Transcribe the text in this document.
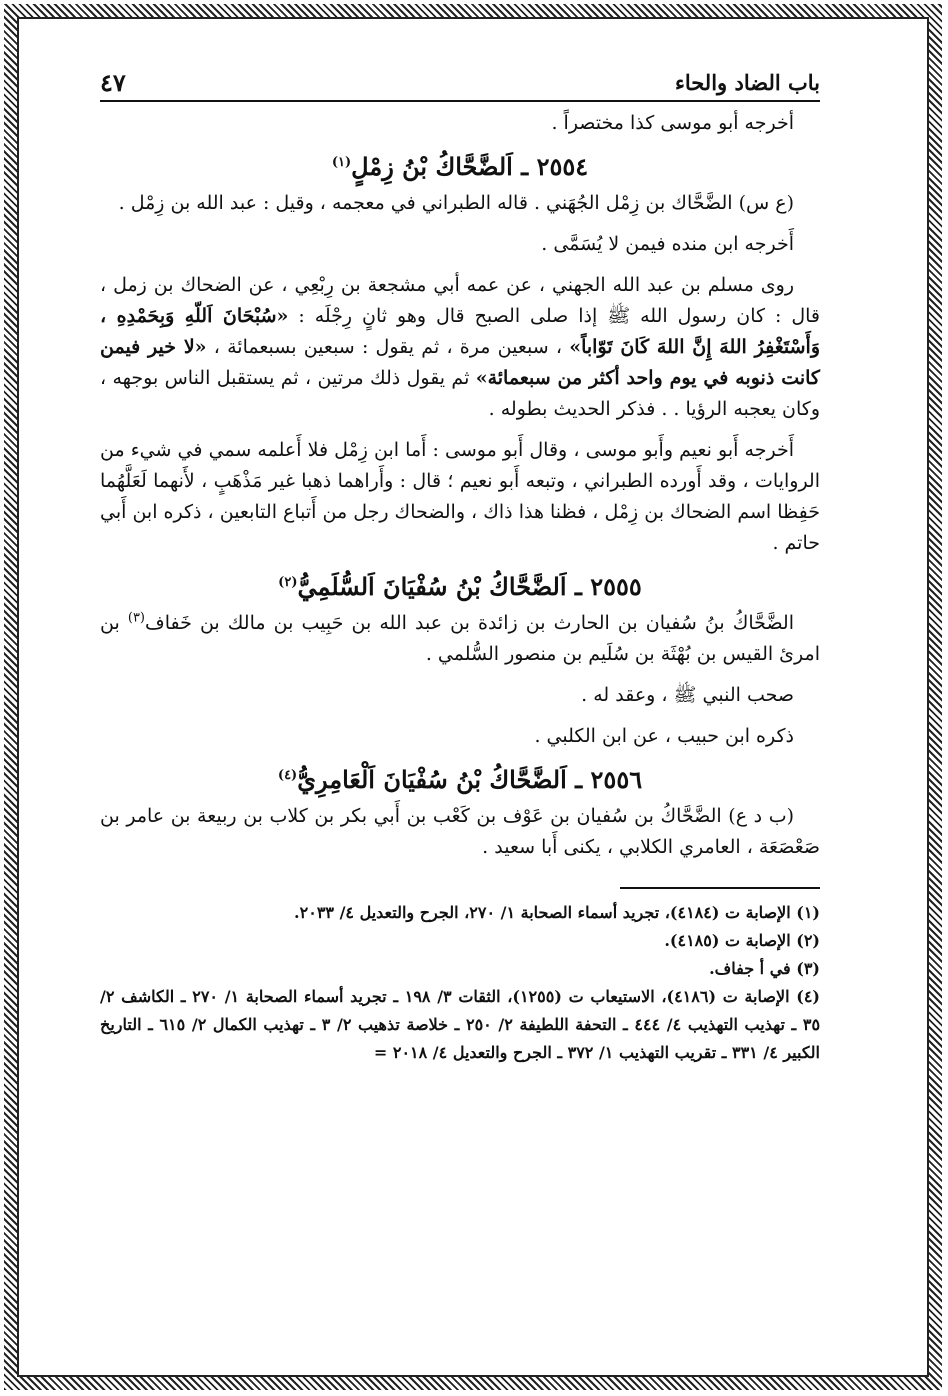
باب الضاد والحاء
٤٧

أخرجه أبو موسى كذا مختصراً .

٢٥٥٤ ـ اَلضَّحَّاكُ بْنُ زِمْلٍ$^{(١)}$

(ع س) الضَّحَّاك بن زِمْل الجُهَني . قاله الطبراني في معجمه ، وقيل : عبد الله بن زِمْل .

أَخرجه ابن منده فيمن لا يُسَمَّى .

روى مسلم بن عبد الله الجهني ، عن عمه أبي مشجعة بن رِبْعِي ، عن الضحاك بن زمل ، قال : كان رسول الله ﷺ إذا صلى الصبح قال وهو ثانٍ رِجْلَه : «سُبْحَانَ اَللّهِ وَبِحَمْدِهِ ، وَأَسْتَغْفِرُ اللهَ إِنَّ اللهَ كَانَ تَوّاباً» ، سبعين مرة ، ثم يقول : سبعين بسبعمائة ، «لا خير فيمن كانت ذنوبه في يوم واحد أكثر من سبعمائة» ثم يقول ذلك مرتين ، ثم يستقبل الناس بوجهه ، وكان يعجبه الرؤيا . . فذكر الحديث بطوله .

أَخرجه أَبو نعيم وأَبو موسى ، وقال أَبو موسى : أَما ابن زِمْل فلا أَعلمه سمي في شيء من الروايات ، وقد أَورده الطبراني ، وتبعه أَبو نعيم ؛ قال : وأَراهما ذهبا غير مَذْهَبٍ ، لأَنهما لَعَلَّهُما حَفِظا اسم الضحاك بن زِمْل ، فظنا هذا ذاك ، والضحاك رجل من أَتباع التابعين ، ذكره ابن أَبي حاتم .

٢٥٥٥ ـ اَلضَّحَّاكُ بْنُ سُفْيَانَ اَلسُّلَمِيُّ$^{(٢)}$

الضَّحَّاكُ بنُ سُفيان بن الحارث بن زائدة بن عبد الله بن حَبِيب بن مالك بن خَفاف$^{(٣)}$ بن امرئ القيس بن بُهْثَة بن سُلَيم بن منصور السُّلمي .

صحب النبي ﷺ ، وعقد له .

ذكره ابن حبيب ، عن ابن الكلبي .

٢٥٥٦ ـ اَلضَّحَّاكُ بْنُ سُفْيَانَ اَلْعَامِرِيُّ$^{(٤)}$

(ب د ع) الضَّحَّاكُ بن سُفيان بن عَوْف بن كَعْب بن أَبي بكر بن كلاب بن ربيعة بن عامر بن صَعْصَعَة ، العامري الكلابي ، يكنى أَبا سعيد .

(١) الإصابة ت (٤١٨٤)، تجريد أسماء الصحابة ١/ ٢٧٠، الجرح والتعديل ٤/ ٢٠٣٣.

(٢) الإصابة ت (٤١٨٥).

(٣) في أ جفاف.

(٤) الإصابة ت (٤١٨٦)، الاستيعاب ت (١٢٥٥)، الثقات ٣/ ١٩٨ ـ تجريد أسماء الصحابة ١/ ٢٧٠ ـ الكاشف ٢/ ٣٥ ـ تهذيب التهذيب ٤/ ٤٤٤ ـ التحفة اللطيفة ٢/ ٢٥٠ ـ خلاصة تذهيب ٢/ ٣ ـ تهذيب الكمال ٢/ ٦١٥ ـ التاريخ الكبير ٤/ ٣٣١ ـ تقريب التهذيب ١/ ٣٧٢ ـ الجرح والتعديل ٤/ ٢٠١٨ =
